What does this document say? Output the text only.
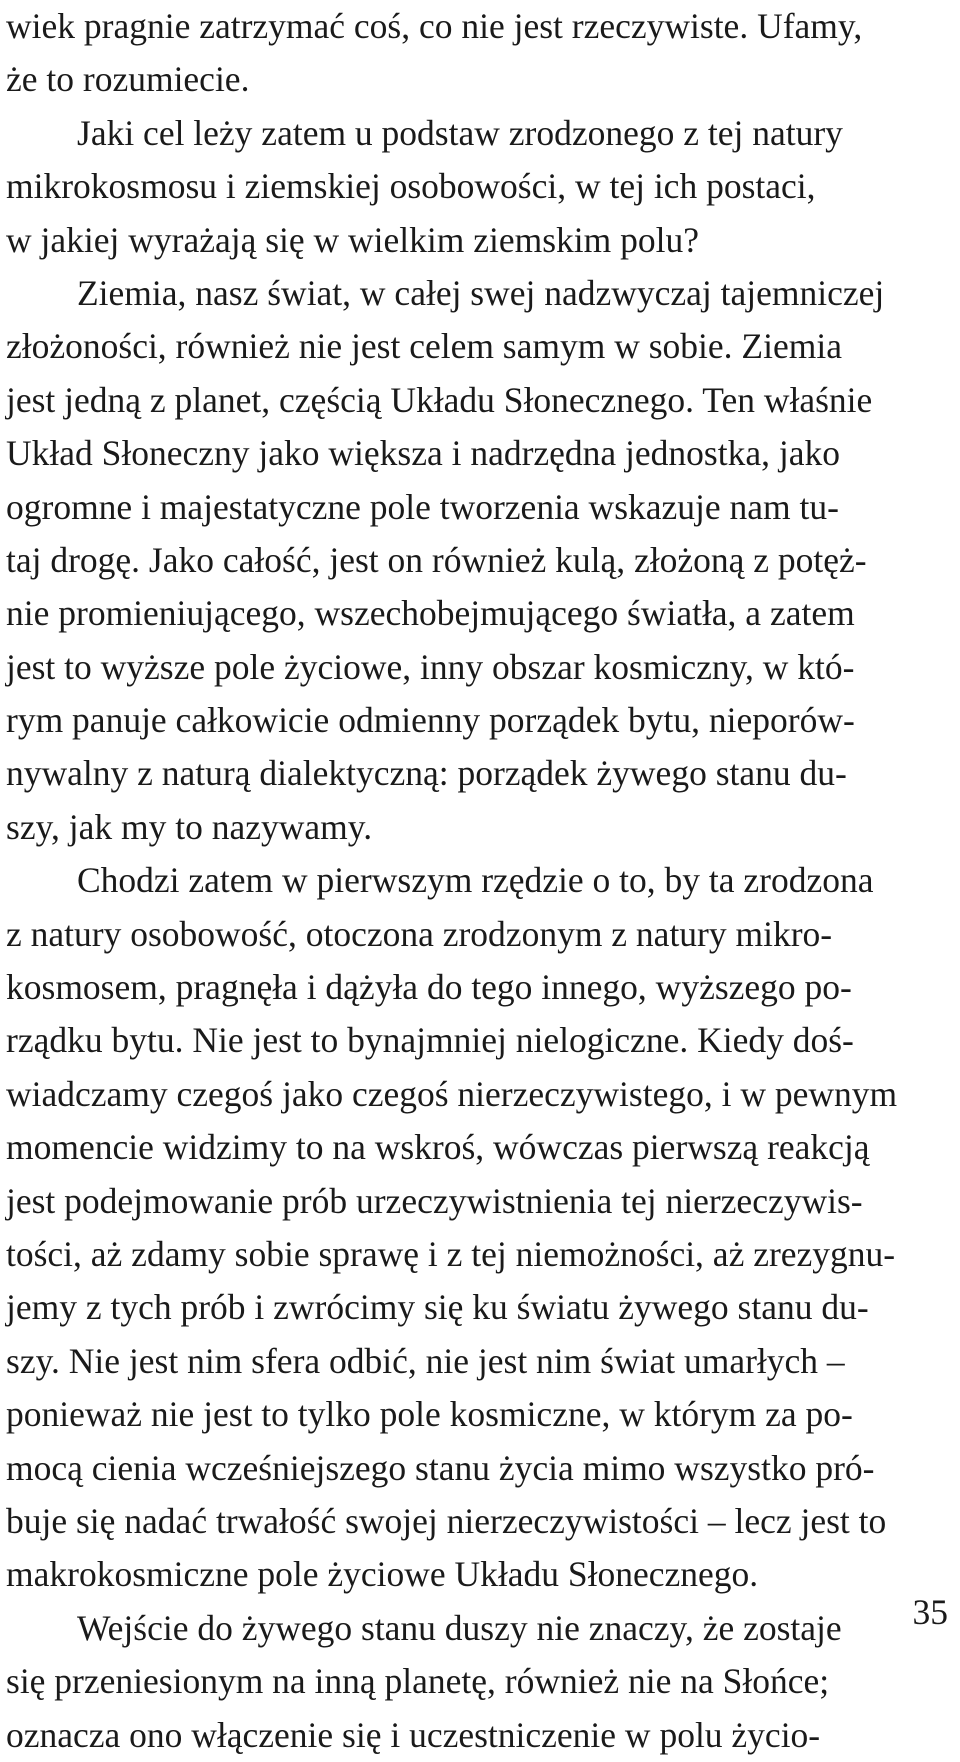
wiek pragnie zatrzymać coś, co nie jest rzeczywiste. Ufamy,
że to rozumiecie.
Jaki cel leży zatem u podstaw zrodzonego z tej natury
mikrokosmosu i ziemskiej osobowości, w tej ich postaci,
w jakiej wyrażają się w wielkim ziemskim polu?
Ziemia, nasz świat, w całej swej nadzwyczaj tajemniczej
złożoności, również nie jest celem samym w sobie. Ziemia
jest jedną z planet, częścią Układu Słonecznego. Ten właśnie
Układ Słoneczny jako większa i nadrzędna jednostka, jako
ogromne i majestatyczne pole tworzenia wskazuje nam tu-
taj drogę. Jako całość, jest on również kulą, złożoną z potęż-
nie promieniującego, wszechobejmującego światła, a zatem
jest to wyższe pole życiowe, inny obszar kosmiczny, w któ-
rym panuje całkowicie odmienny porządek bytu, nieporów-
nywalny z naturą dialektyczną: porządek żywego stanu du-
szy, jak my to nazywamy.
Chodzi zatem w pierwszym rzędzie o to, by ta zrodzona
z natury osobowość, otoczona zrodzonym z natury mikro-
kosmosem, pragnęła i dążyła do tego innego, wyższego po-
rządku bytu. Nie jest to bynajmniej nielogiczne. Kiedy doś-
wiadczamy czegoś jako czegoś nierzeczywistego, i w pewnym
momencie widzimy to na wskroś, wówczas pierwszą reakcją
jest podejmowanie prób urzeczywistnienia tej nierzeczywis-
tości, aż zdamy sobie sprawę i z tej niemożności, aż zrezygnu-
jemy z tych prób i zwrócimy się ku światu żywego stanu du-
szy. Nie jest nim sfera odbić, nie jest nim świat umarłych –
ponieważ nie jest to tylko pole kosmiczne, w którym za po-
mocą cienia wcześniejszego stanu życia mimo wszystko pró-
buje się nadać trwałość swojej nierzeczywistości – lecz jest to
makrokosmiczne pole życiowe Układu Słonecznego.
Wejście do żywego stanu duszy nie znaczy, że zostaje
się przeniesionym na inną planetę, również nie na Słońce;
oznacza ono włączenie się i uczestniczenie w polu życio-
35
